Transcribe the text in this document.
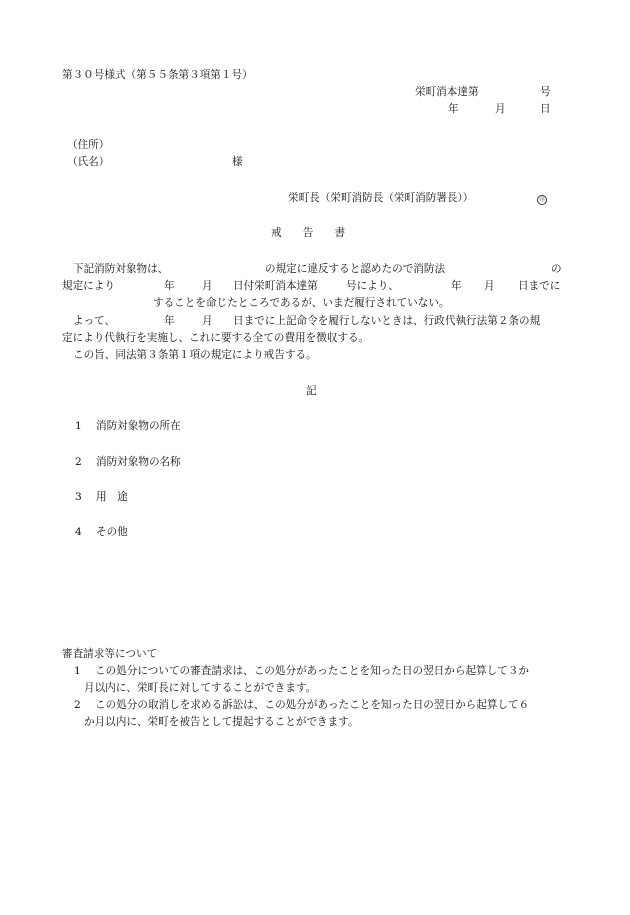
第３０号様式（第５５条第３項第１号）
栄町消本達第	号
年	月	日
（住所）
（氏名）	様
栄町長（栄町消防長（栄町消防署長））	㊞
戒　　告　　書
下記消防対象物は、	の規定に違反すると認めたので消防法	の
規定により	年	月 日付栄町消本達第	号により、	年 月 日までに
することを命じたところであるが、いまだ履行されていない。
よって、	年	月 日までに上記命令を履行しないときは、行政代執行法第２条の規
定により代執行を実施し、これに要する全ての費用を徴収する。
この旨、同法第３条第１項の規定により戒告する。
記
1 消防対象物の所在
2 消防対象物の名称
3 用　途
4 その他
審査請求等について
1 この処分についての審査請求は、この処分があったことを知った日の翌日から起算して３か
月以内に、栄町長に対してすることができます。
2 この処分の取消しを求める訴訟は、この処分があったことを知った日の翌日から起算して６
か月以内に、栄町を被告として提起することができます。
